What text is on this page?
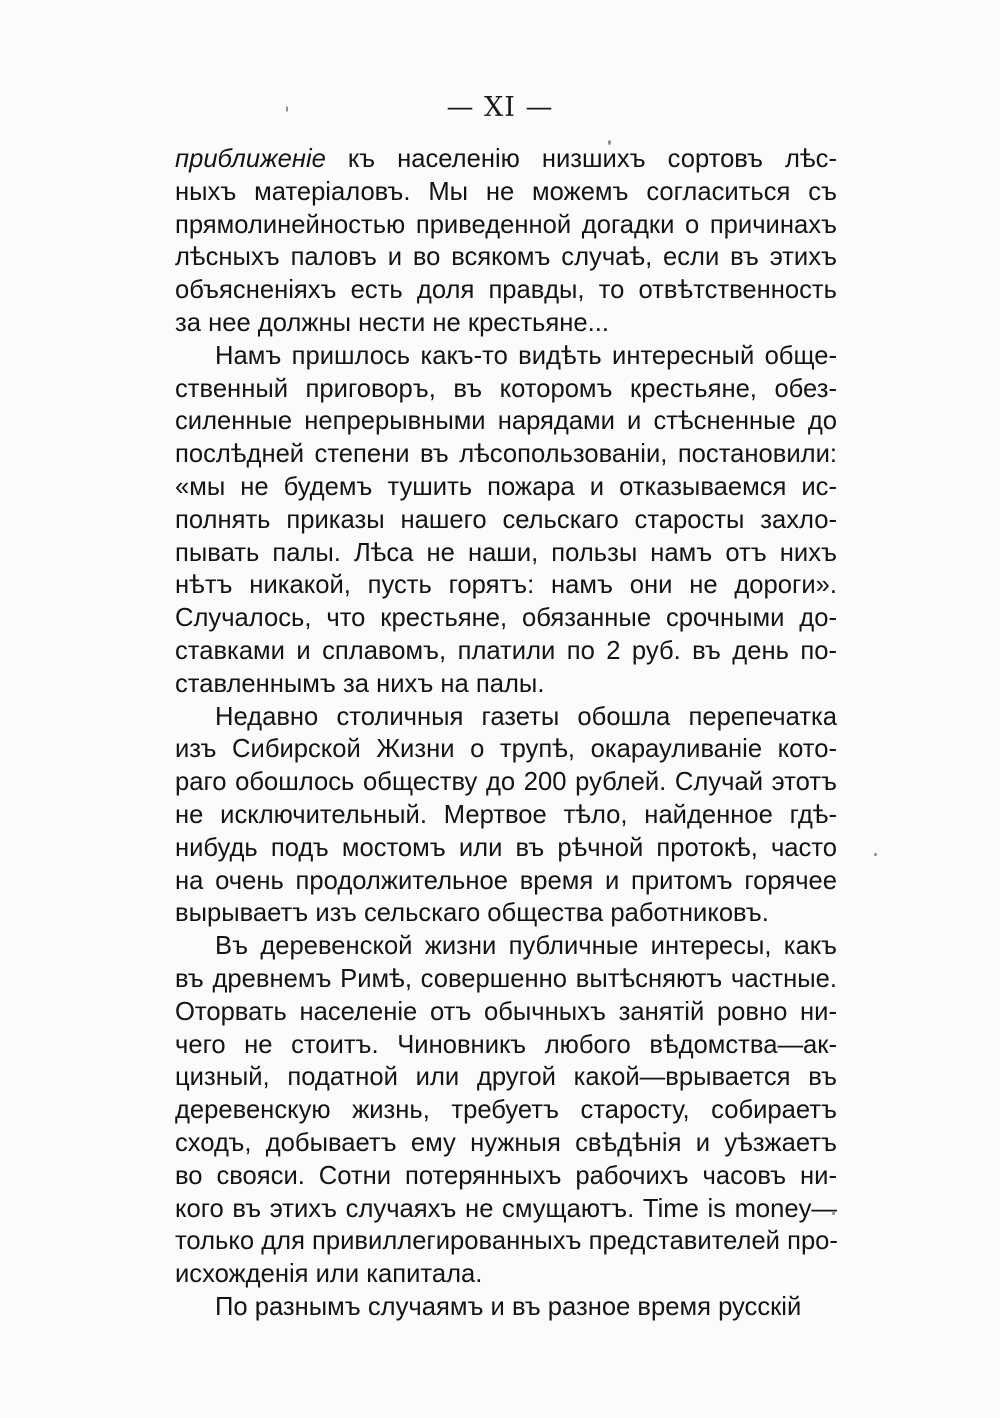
— XI —
приближеніе къ населенію низшихъ сортовъ лѣс-
ныхъ матеріаловъ. Мы не можемъ согласиться съ
прямолинейностью приведенной догадки о причинахъ
лѣсныхъ паловъ и во всякомъ случаѣ, если въ этихъ
объясненіяхъ есть доля правды, то отвѣтственность
за нее должны нести не крестьяне...
Намъ пришлось какъ-то видѣть интересный обще-
ственный приговоръ, въ которомъ крестьяне, обез-
силенные непрерывными нарядами и стѣсненные до
послѣдней степени въ лѣсопользованіи, постановили:
«мы не будемъ тушить пожара и отказываемся ис-
полнять приказы нашего сельскаго старосты захло-
пывать палы. Лѣса не наши, пользы намъ отъ нихъ
нѣтъ никакой, пусть горятъ: намъ они не дороги».
Случалось, что крестьяне, обязанные срочными до-
ставками и сплавомъ, платили по 2 руб. въ день по-
ставленнымъ за нихъ на палы.
Недавно столичныя газеты обошла перепечатка
изъ Сибирской Жизни о трупѣ, окарауливаніе кото-
раго обошлось обществу до 200 рублей. Случай этотъ
не исключительный. Мертвое тѣло, найденное гдѣ-
нибудь подъ мостомъ или въ рѣчной протокѣ, часто
на очень продолжительное время и притомъ горячее
вырываетъ изъ сельскаго общества работниковъ.
Въ деревенской жизни публичные интересы, какъ
въ древнемъ Римѣ, совершенно вытѣсняютъ частные.
Оторвать населеніе отъ обычныхъ занятій ровно ни-
чего не стоитъ. Чиновникъ любого вѣдомства—ак-
цизный, податной или другой какой—врывается въ
деревенскую жизнь, требуетъ старосту, собираетъ
сходъ, добываетъ ему нужныя свѣдѣнія и уѣзжаетъ
во свояси. Сотни потерянныхъ рабочихъ часовъ ни-
кого въ этихъ случаяхъ не смущаютъ. Time is money—
только для привиллегированныхъ представителей про-
исхожденія или капитала.
По разнымъ случаямъ и въ разное время русскій
